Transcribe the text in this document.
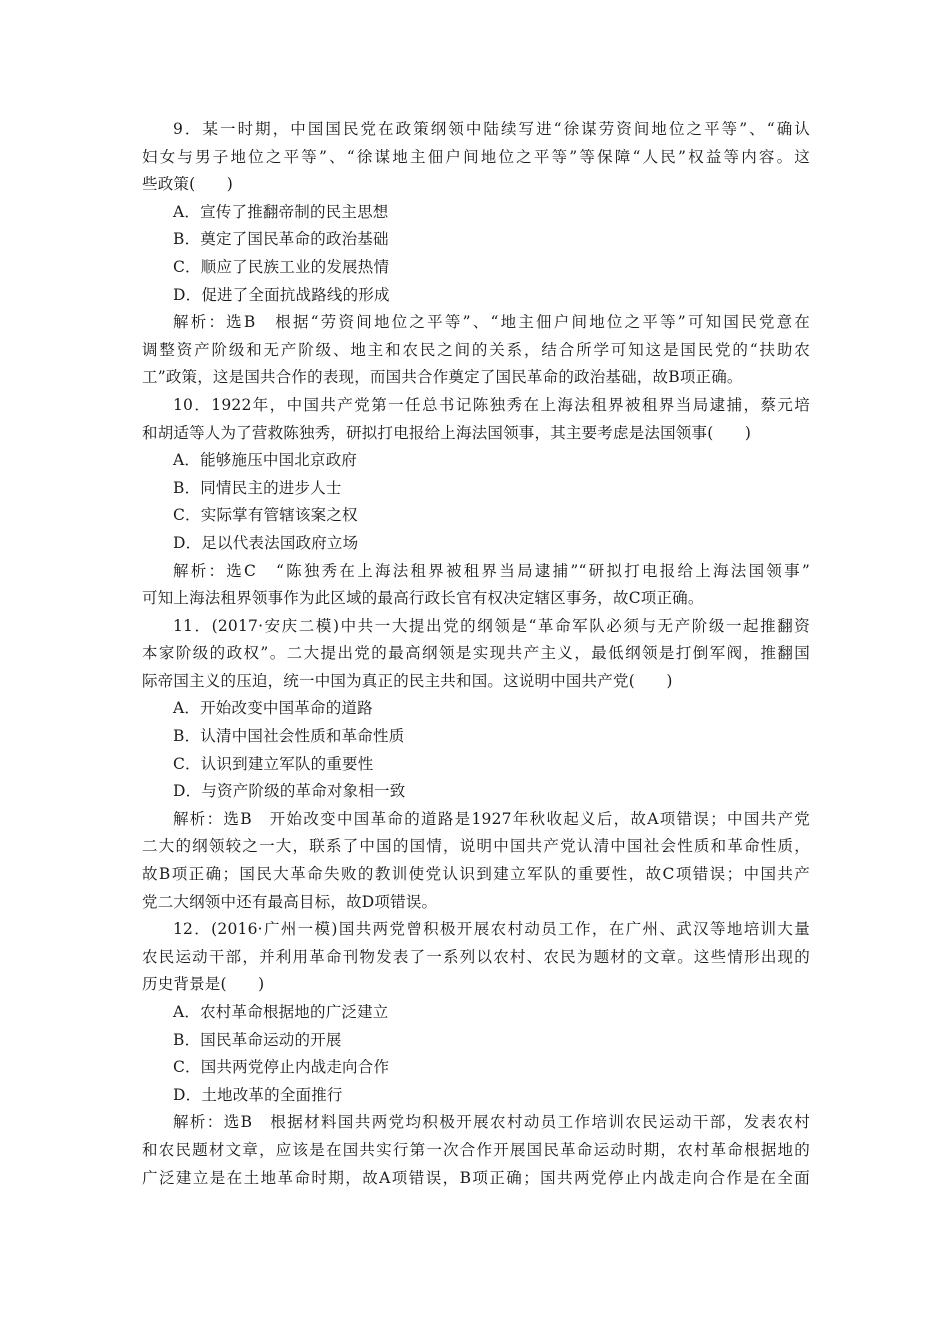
9．某一时期，中国国民党在政策纲领中陆续写进“徐谋劳资间地位之平等”、“确认
妇女与男子地位之平等”、“徐谋地主佃户间地位之平等”等保障“人民”权益等内容。这
些政策(　　)
A．宣传了推翻帝制的民主思想
B．奠定了国民革命的政治基础
C．顺应了民族工业的发展热情
D．促进了全面抗战路线的形成
解析：选B　根据“劳资间地位之平等”、“地主佃户间地位之平等”可知国民党意在
调整资产阶级和无产阶级、地主和农民之间的关系，结合所学可知这是国民党的“扶助农
工”政策，这是国共合作的表现，而国共合作奠定了国民革命的政治基础，故B项正确。
10．1922年，中国共产党第一任总书记陈独秀在上海法租界被租界当局逮捕，蔡元培
和胡适等人为了营救陈独秀，研拟打电报给上海法国领事，其主要考虑是法国领事(　　)
A．能够施压中国北京政府
B．同情民主的进步人士
C．实际掌有管辖该案之权
D．足以代表法国政府立场
解析：选C　“陈独秀在上海法租界被租界当局逮捕”“研拟打电报给上海法国领事”
可知上海法租界领事作为此区域的最高行政长官有权决定辖区事务，故C项正确。
11．(2017·安庆二模)中共一大提出党的纲领是“革命军队必须与无产阶级一起推翻资
本家阶级的政权”。二大提出党的最高纲领是实现共产主义，最低纲领是打倒军阀，推翻国
际帝国主义的压迫，统一中国为真正的民主共和国。这说明中国共产党(　　)
A．开始改变中国革命的道路
B．认清中国社会性质和革命性质
C．认识到建立军队的重要性
D．与资产阶级的革命对象相一致
解析：选B　开始改变中国革命的道路是1927年秋收起义后，故A项错误；中国共产党
二大的纲领较之一大，联系了中国的国情，说明中国共产党认清中国社会性质和革命性质，
故B项正确；国民大革命失败的教训使党认识到建立军队的重要性，故C项错误；中国共产
党二大纲领中还有最高目标，故D项错误。
12．(2016·广州一模)国共两党曾积极开展农村动员工作，在广州、武汉等地培训大量
农民运动干部，并利用革命刊物发表了一系列以农村、农民为题材的文章。这些情形出现的
历史背景是(　　)
A．农村革命根据地的广泛建立
B．国民革命运动的开展
C．国共两党停止内战走向合作
D．土地改革的全面推行
解析：选B　根据材料国共两党均积极开展农村动员工作培训农民运动干部，发表农村
和农民题材文章，应该是在国共实行第一次合作开展国民革命运动时期，农村革命根据地的
广泛建立是在土地革命时期，故A项错误，B项正确；国共两党停止内战走向合作是在全面
